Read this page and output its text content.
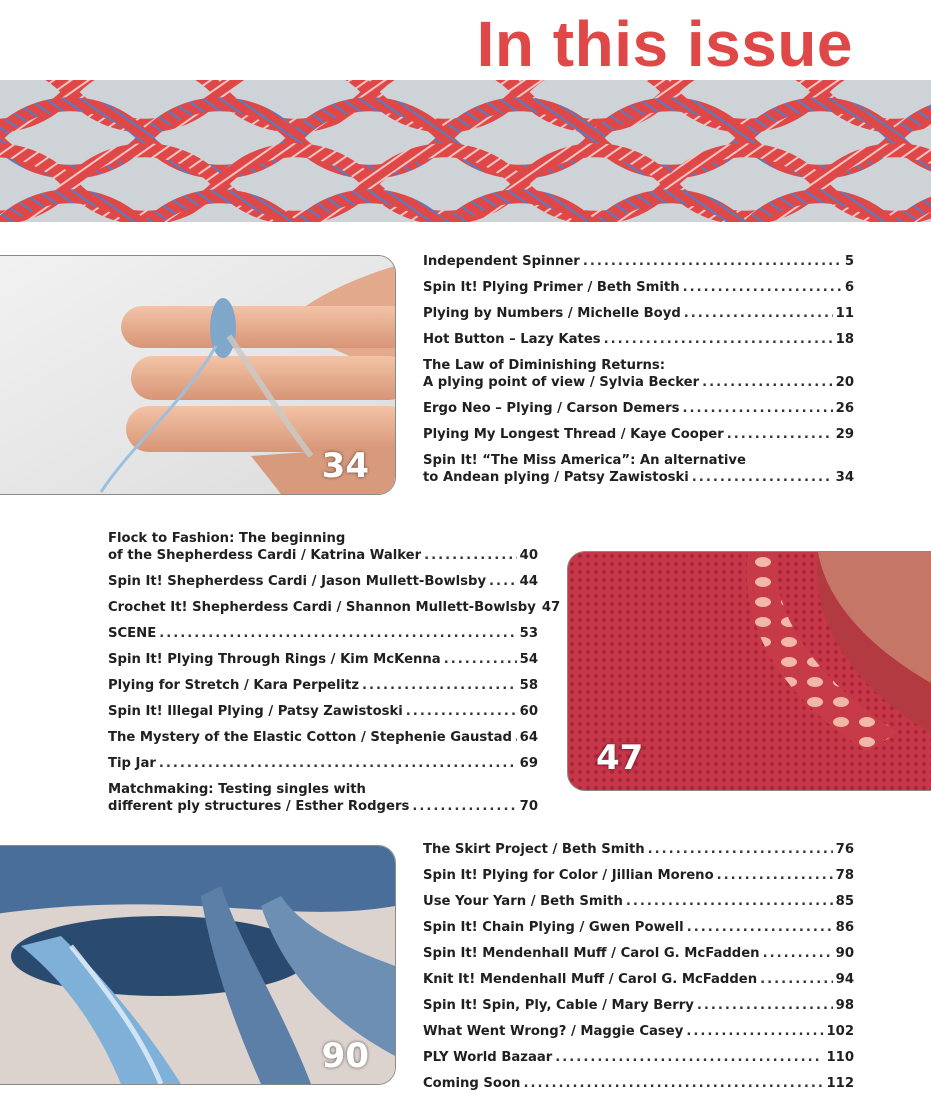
In this issue
34
47
90
Independent Spinner .....	5
Spin It! Plying Primer / Beth Smith .....	6
Plying by Numbers / Michelle Boyd .....	11
Hot Button – Lazy Kates .....	18
The Law of Diminishing Returns:
A plying point of view / Sylvia Becker .....	20
Ergo Neo – Plying / Carson Demers .....	26
Plying My Longest Thread / Kaye Cooper .....	29
Spin It! “The Miss America”: An alternative
to Andean plying / Patsy Zawistoski .....	34
Flock to Fashion: The beginning
of the Shepherdess Cardi / Katrina Walker .....	40
Spin It! Shepherdess Cardi / Jason Mullett-Bowlsby .....	44
Crochet It! Shepherdess Cardi / Shannon Mullett-Bowlsby 47
SCENE .....	53
Spin It! Plying Through Rings / Kim McKenna .....	54
Plying for Stretch / Kara Perpelitz .....	58
Spin It! Illegal Plying / Patsy Zawistoski .....	60
The Mystery of the Elastic Cotton / Stephenie Gaustad ..... 64
Tip Jar .....	69
Matchmaking: Testing singles with
different ply structures / Esther Rodgers .....	70
The Skirt Project / Beth Smith .....	76
Spin It! Plying for Color / Jillian Moreno .....	78
Use Your Yarn / Beth Smith .....	85
Spin It! Chain Plying / Gwen Powell .....	86
Spin It! Mendenhall Muff / Carol G. McFadden .....	90
Knit It! Mendenhall Muff / Carol G. McFadden .....	94
Spin It! Spin, Ply, Cable / Mary Berry .....	98
What Went Wrong? / Maggie Casey .....	102
PLY World Bazaar .....	110
Coming Soon .....	112
